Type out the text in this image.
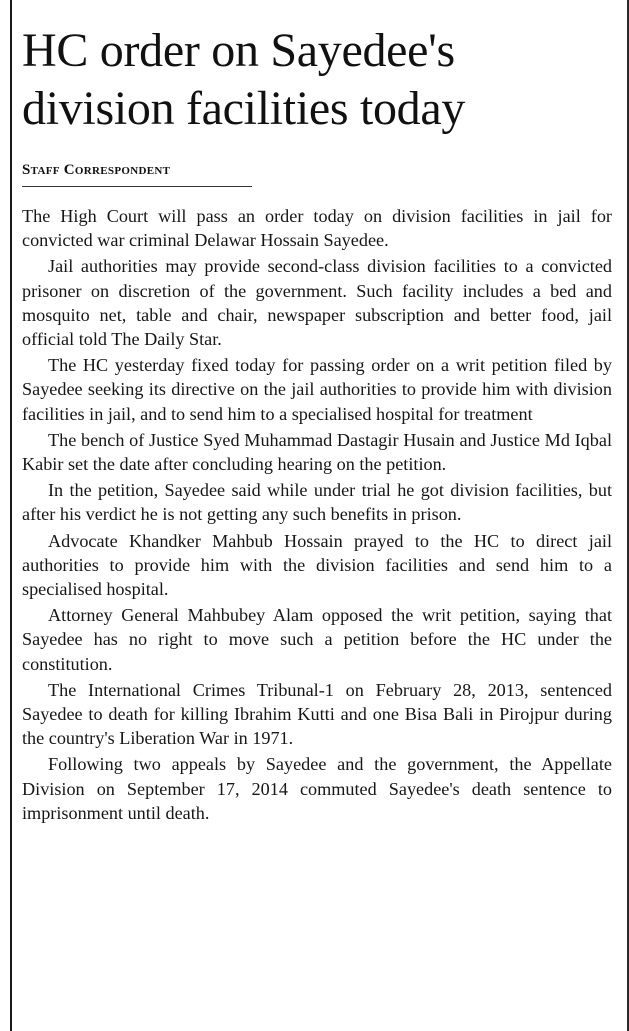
HC order on Sayedee's
division facilities today
Staff Correspondent

The High Court will pass an order today on division facilities in jail for convicted war criminal Delawar Hossain Sayedee.

Jail authorities may provide second-class division facilities to a convicted prisoner on discretion of the government. Such facility includes a bed and mosquito net, table and chair, newspaper subscription and better food, jail official told The Daily Star.

The HC yesterday fixed today for passing order on a writ petition filed by Sayedee seeking its directive on the jail authorities to provide him with division facilities in jail, and to send him to a specialised hospital for treatment

The bench of Justice Syed Muhammad Dastagir Husain and Justice Md Iqbal Kabir set the date after concluding hearing on the petition.

In the petition, Sayedee said while under trial he got division facilities, but after his verdict he is not getting any such benefits in prison.

Advocate Khandker Mahbub Hossain prayed to the HC to direct jail authorities to provide him with the division facilities and send him to a specialised hospital.

Attorney General Mahbubey Alam opposed the writ petition, saying that Sayedee has no right to move such a petition before the HC under the constitution.

The International Crimes Tribunal-1 on February 28, 2013, sentenced Sayedee to death for killing Ibrahim Kutti and one Bisa Bali in Pirojpur during the country's Liberation War in 1971.

Following two appeals by Sayedee and the government, the Appellate Division on September 17, 2014 commuted Sayedee's death sentence to imprisonment until death.
